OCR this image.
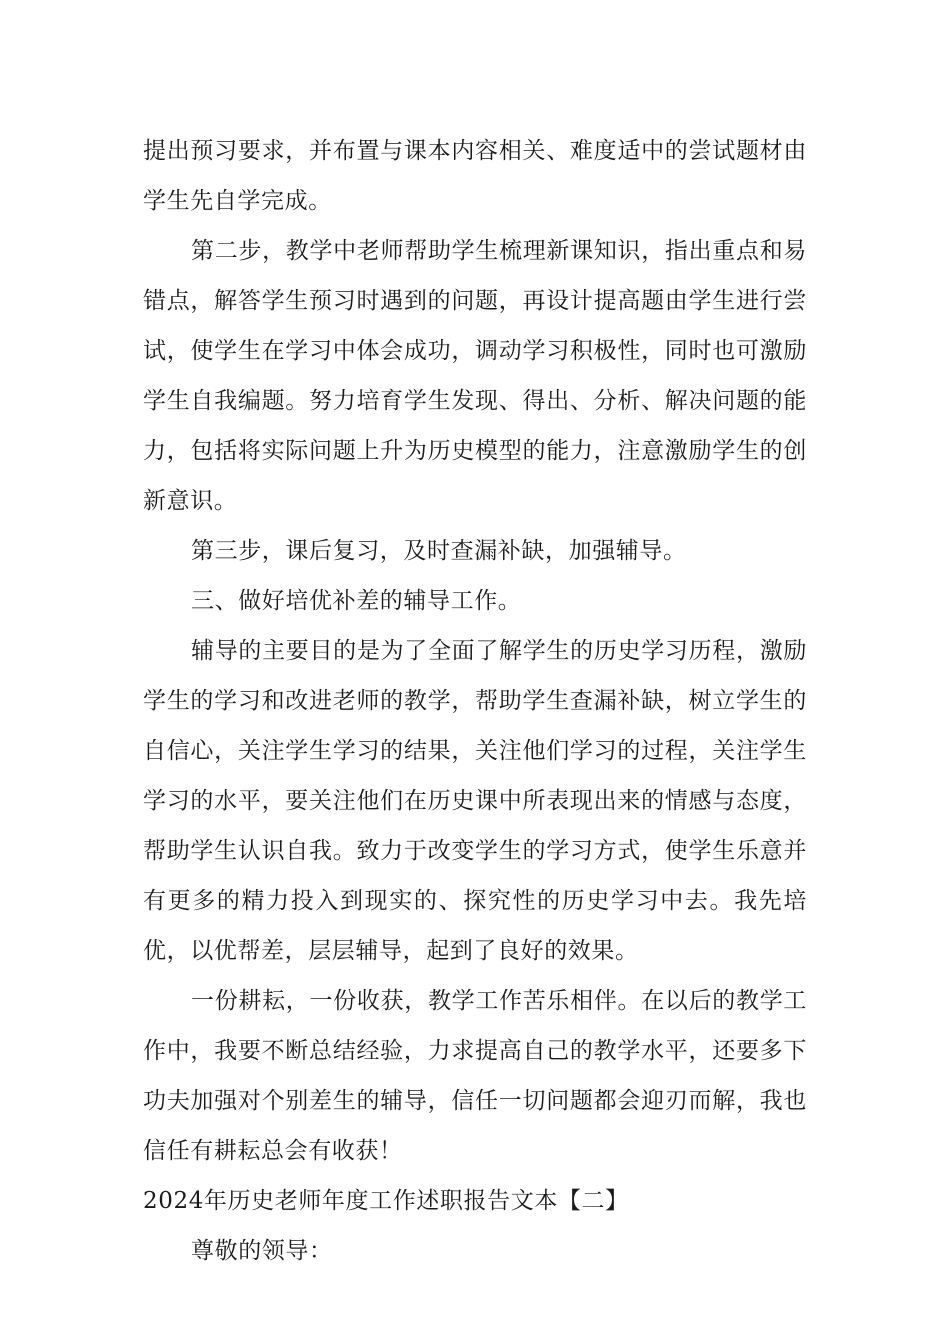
提出预习要求，并布置与课本内容相关、难度适中的尝试题材由学生先自学完成。

第二步，教学中老师帮助学生梳理新课知识，指出重点和易错点，解答学生预习时遇到的问题，再设计提高题由学生进行尝试，使学生在学习中体会成功，调动学习积极性，同时也可激励学生自我编题。努力培育学生发现、得出、分析、解决问题的能力，包括将实际问题上升为历史模型的能力，注意激励学生的创新意识。

第三步，课后复习，及时查漏补缺，加强辅导。

三、做好培优补差的辅导工作。

辅导的主要目的是为了全面了解学生的历史学习历程，激励学生的学习和改进老师的教学，帮助学生查漏补缺，树立学生的自信心，关注学生学习的结果，关注他们学习的过程，关注学生学习的水平，要关注他们在历史课中所表现出来的情感与态度，帮助学生认识自我。致力于改变学生的学习方式，使学生乐意并有更多的精力投入到现实的、探究性的历史学习中去。我先培优，以优帮差，层层辅导，起到了良好的效果。

一份耕耘，一份收获，教学工作苦乐相伴。在以后的教学工作中，我要不断总结经验，力求提高自己的教学水平，还要多下功夫加强对个别差生的辅导，信任一切问题都会迎刃而解，我也信任有耕耘总会有收获！

2024年历史老师年度工作述职报告文本【二】

尊敬的领导：
